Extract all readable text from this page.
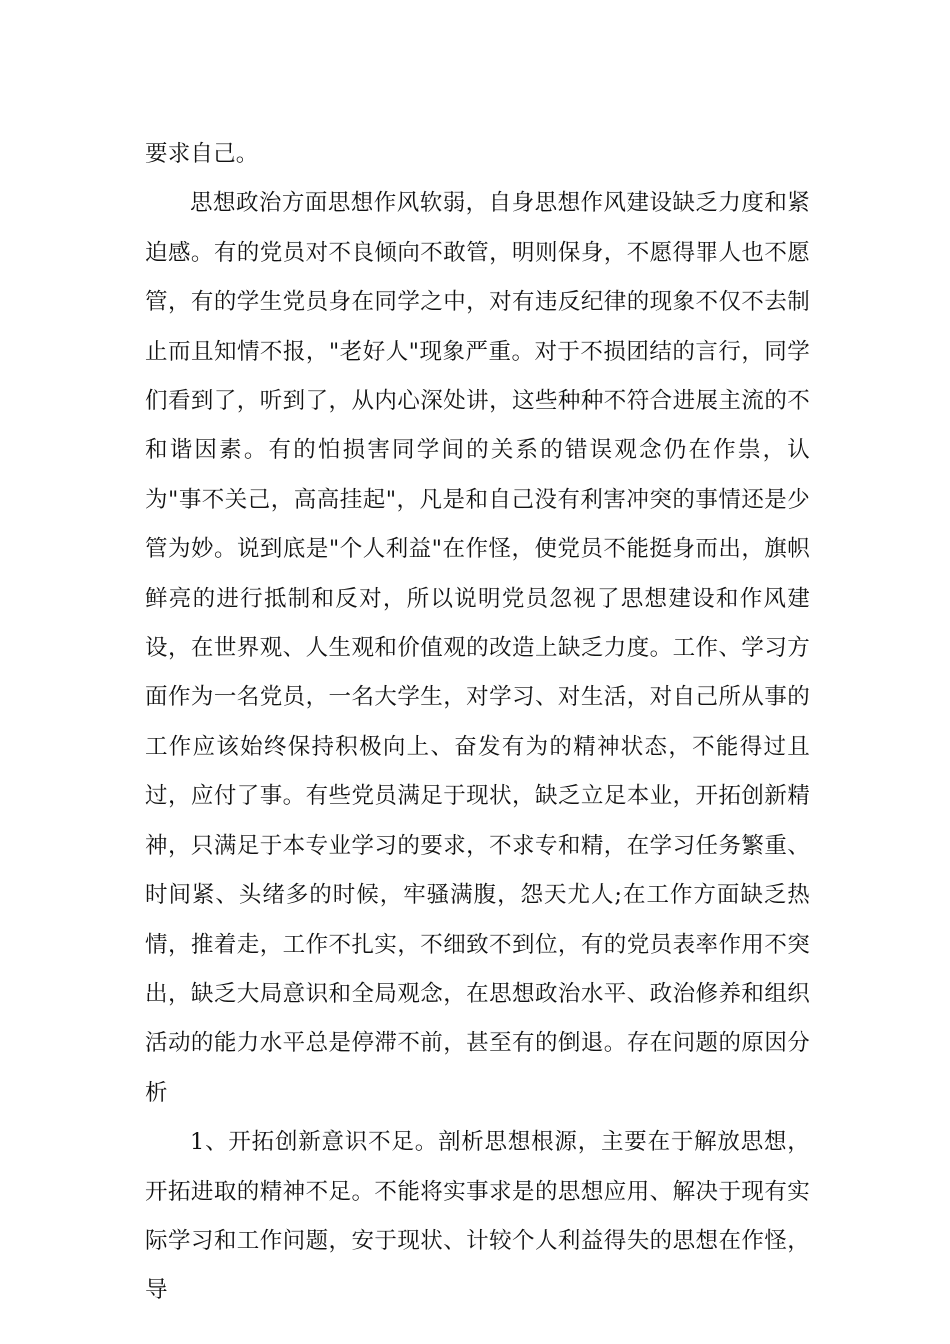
要求自己。

思想政治方面思想作风软弱，自身思想作风建设缺乏力度和紧迫感。有的党员对不良倾向不敢管，明则保身，不愿得罪人也不愿管，有的学生党员身在同学之中，对有违反纪律的现象不仅不去制止而且知情不报，"老好人"现象严重。对于不损团结的言行，同学们看到了，听到了，从内心深处讲，这些种种不符合进展主流的不和谐因素。有的怕损害同学间的关系的错误观念仍在作祟，认为"事不关己，高高挂起"，凡是和自己没有利害冲突的事情还是少管为妙。说到底是"个人利益"在作怪，使党员不能挺身而出，旗帜鲜亮的进行抵制和反对，所以说明党员忽视了思想建设和作风建设，在世界观、人生观和价值观的改造上缺乏力度。工作、学习方面作为一名党员，一名大学生，对学习、对生活，对自己所从事的工作应该始终保持积极向上、奋发有为的精神状态，不能得过且过，应付了事。有些党员满足于现状，缺乏立足本业，开拓创新精神，只满足于本专业学习的要求，不求专和精，在学习任务繁重、时间紧、头绪多的时候，牢骚满腹，怨天尤人;在工作方面缺乏热情，推着走，工作不扎实，不细致不到位，有的党员表率作用不突出，缺乏大局意识和全局观念，在思想政治水平、政治修养和组织活动的能力水平总是停滞不前，甚至有的倒退。存在问题的原因分析

1、开拓创新意识不足。剖析思想根源，主要在于解放思想，开拓进取的精神不足。不能将实事求是的思想应用、解决于现有实际学习和工作问题，安于现状、计较个人利益得失的思想在作怪，导
